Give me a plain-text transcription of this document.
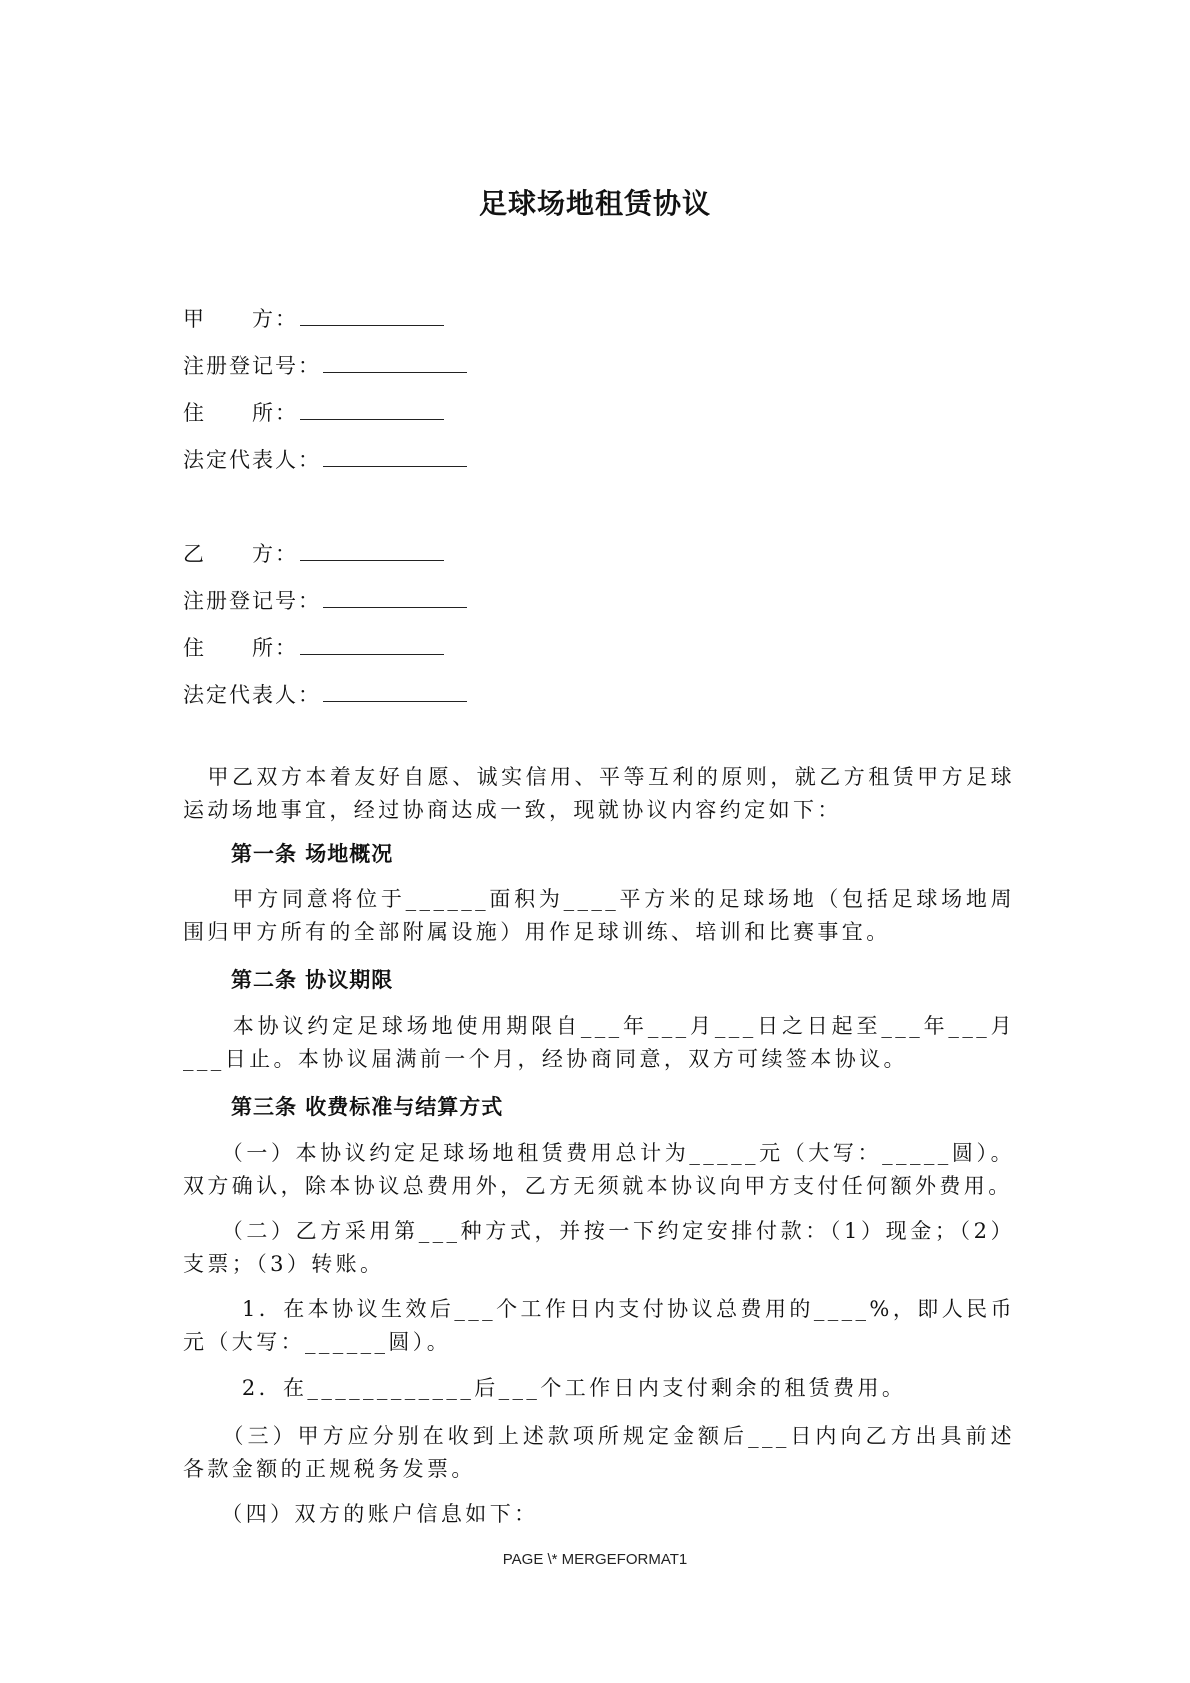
足球场地租赁协议
甲　　方：
注册登记号：
住　　所：
法定代表人：
乙　　方：
注册登记号：
住　　所：
法定代表人：
　甲乙双方本着友好自愿、诚实信用、平等互利的原则，就乙方租赁甲方足球运动场地事宜，经过协商达成一致，现就协议内容约定如下：
第一条 场地概况
　　甲方同意将位于______面积为____平方米的足球场地（包括足球场地周围归甲方所有的全部附属设施）用作足球训练、培训和比赛事宜。
第二条 协议期限
　　本协议约定足球场地使用期限自___年___月___日之日起至___年___月___日止。本协议届满前一个月，经协商同意，双方可续签本协议。
第三条 收费标准与结算方式
　　（一）本协议约定足球场地租赁费用总计为_____元（大写：_____圆）。双方确认，除本协议总费用外，乙方无须就本协议向甲方支付任何额外费用。
　　（二）乙方采用第___种方式，并按一下约定安排付款：（1）现金；（2）支票；（3）转账。
　　 1．在本协议生效后___个工作日内支付协议总费用的____%，即人民币元（大写：______圆）。
　　 2．在____________后___个工作日内支付剩余的租赁费用。
　　（三）甲方应分别在收到上述款项所规定金额后___日内向乙方出具前述各款金额的正规税务发票。
　　（四）双方的账户信息如下：
PAGE \* MERGEFORMAT1
